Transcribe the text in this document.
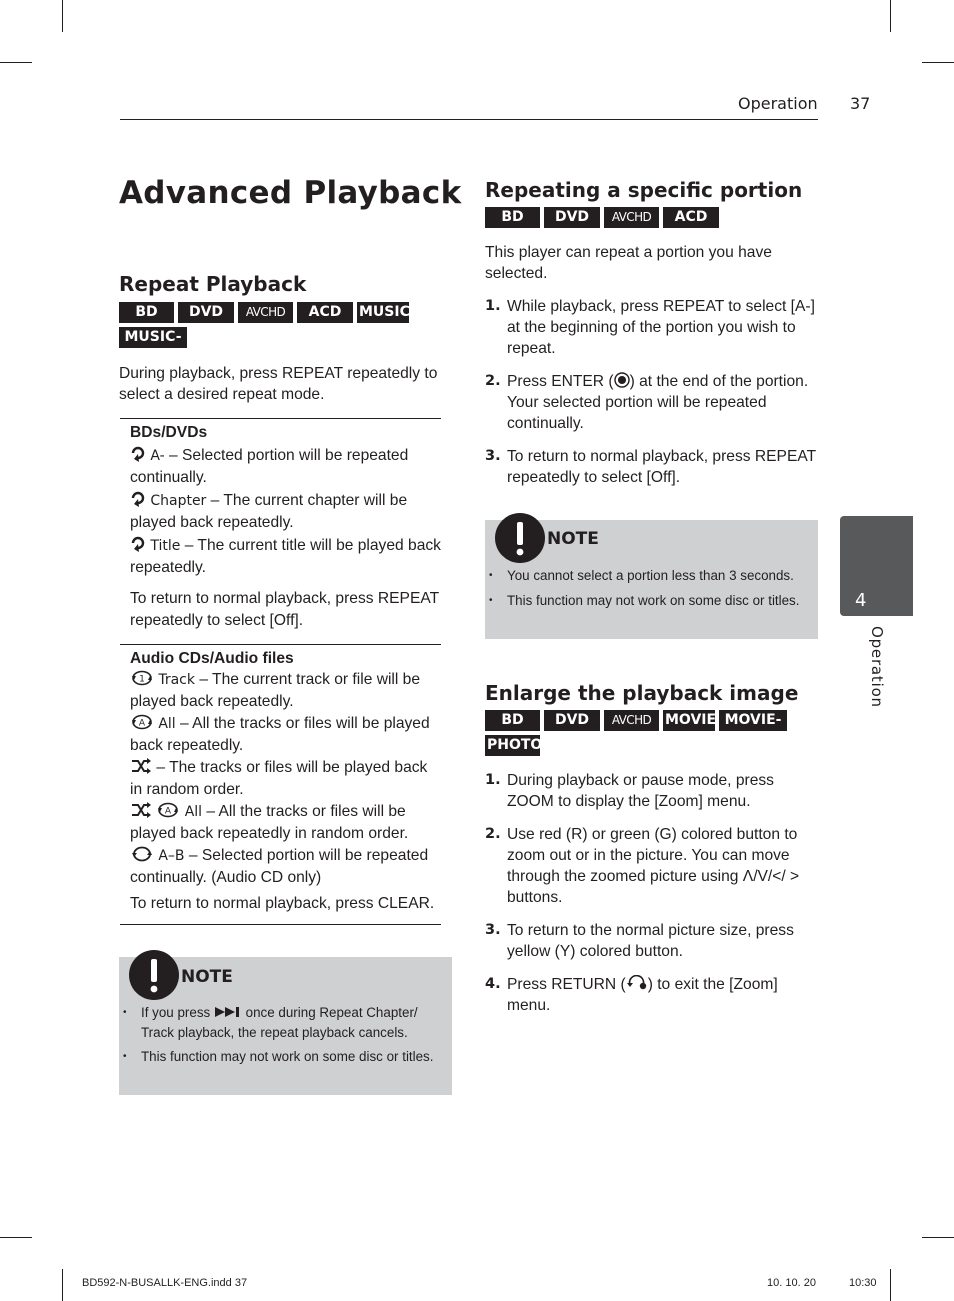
Operation 37
Advanced Playback
Repeat Playback
BD	DVD	AVCHD	ACD	MUSIC
MUSIC-N
During playback, press REPEAT repeatedly to select a desired repeat mode.
BDs/DVDs
A- – Selected portion will be repeated continually.
Chapter – The current chapter will be played back repeatedly.
Title – The current title will be played back repeatedly.
To return to normal playback, press REPEAT repeatedly to select [Off].
Audio CDs/Audio files
1 Track – The current track or file will be played back repeatedly.
A All – All the tracks or files will be played back repeatedly.
– The tracks or files will be played back in random order.

A All – All the tracks or files will be played back repeatedly in random order.
A–B – Selected portion will be repeated continually. (Audio CD only)
To return to normal playback, press CLEAR.
NOTE
• If you press  once during Repeat Chapter/ Track playback, the repeat playback cancels.
• This function may not work on some disc or titles.
Repeating a specific portion
BD	DVD	AVCHD	ACD
This player can repeat a portion you have selected.
1. While playback, press REPEAT to select [A-] at the beginning of the portion you wish to repeat.
2. Press ENTER ( ) at the end of the portion. Your selected portion will be repeated continually.
3. To return to normal playback, press REPEAT repeatedly to select [Off].
NOTE
• You cannot select a portion less than 3 seconds.
• This function may not work on some disc or titles.
Enlarge the playback image
BD	DVD	AVCHD MOVIE MOVIE-N
PHOTO
1. During playback or pause mode, press ZOOM to display the [Zoom] menu.
2. Use red (R) or green (G) colored button to zoom out or in the picture. You can move through the zoomed picture using Λ/V/</ > buttons.
3. To return to the normal picture size, press yellow (Y) colored button.
4. Press RETURN ( ) to exit the [Zoom] menu.
4
Operation
BD592-N-BUSALLK-ENG.indd 37	10. 10. 20	10:30
